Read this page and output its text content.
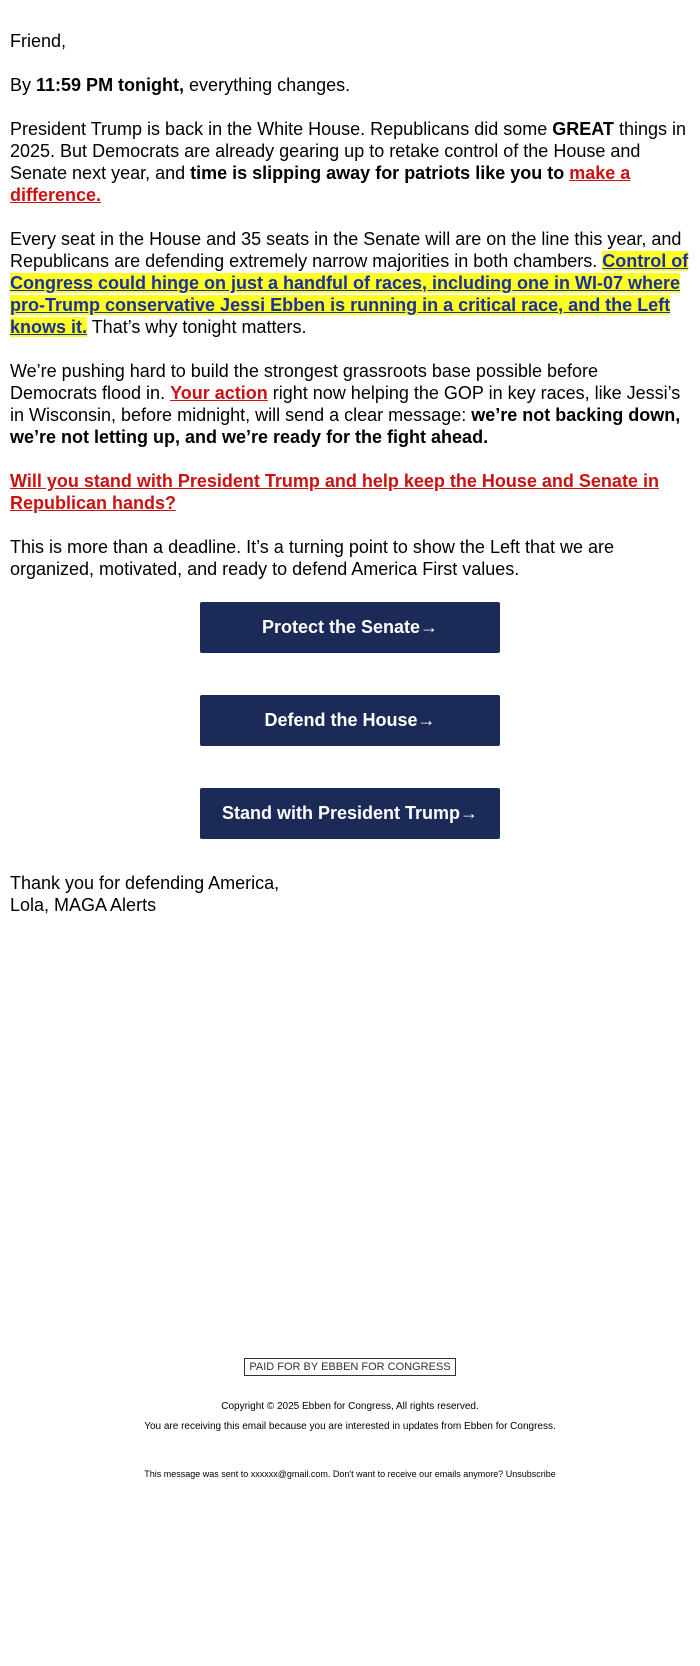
Friend,

By 11:59 PM tonight, everything changes.

President Trump is back in the White House. Republicans did some GREAT things in 2025. But Democrats are already gearing up to retake control of the House and Senate next year, and time is slipping away for patriots like you to make a difference.

Every seat in the House and 35 seats in the Senate will are on the line this year, and Republicans are defending extremely narrow majorities in both chambers. Control of Congress could hinge on just a handful of races, including one in WI-07 where pro-Trump conservative Jessi Ebben is running in a critical race, and the Left knows it. That’s why tonight matters.

We’re pushing hard to build the strongest grassroots base possible before Democrats flood in. Your action right now helping the GOP in key races, like Jessi’s in Wisconsin, before midnight, will send a clear message: we’re not backing down, we’re not letting up, and we’re ready for the fight ahead.

Will you stand with President Trump and help keep the House and Senate in Republican hands?

This is more than a deadline. It’s a turning point to show the Left that we are organized, motivated, and ready to defend America First values.

Protect the Senate→
Defend the House→
Stand with President Trump→
Thank you for defending America,
Lola, MAGA Alerts
PAID FOR BY EBBEN FOR CONGRESS
Copyright © 2025 Ebben for Congress, All rights reserved.
You are receiving this email because you are interested in updates from Ebben for Congress.
This message was sent to xxxxxx@gmail.com. Don't want to receive our emails anymore? Unsubscribe
